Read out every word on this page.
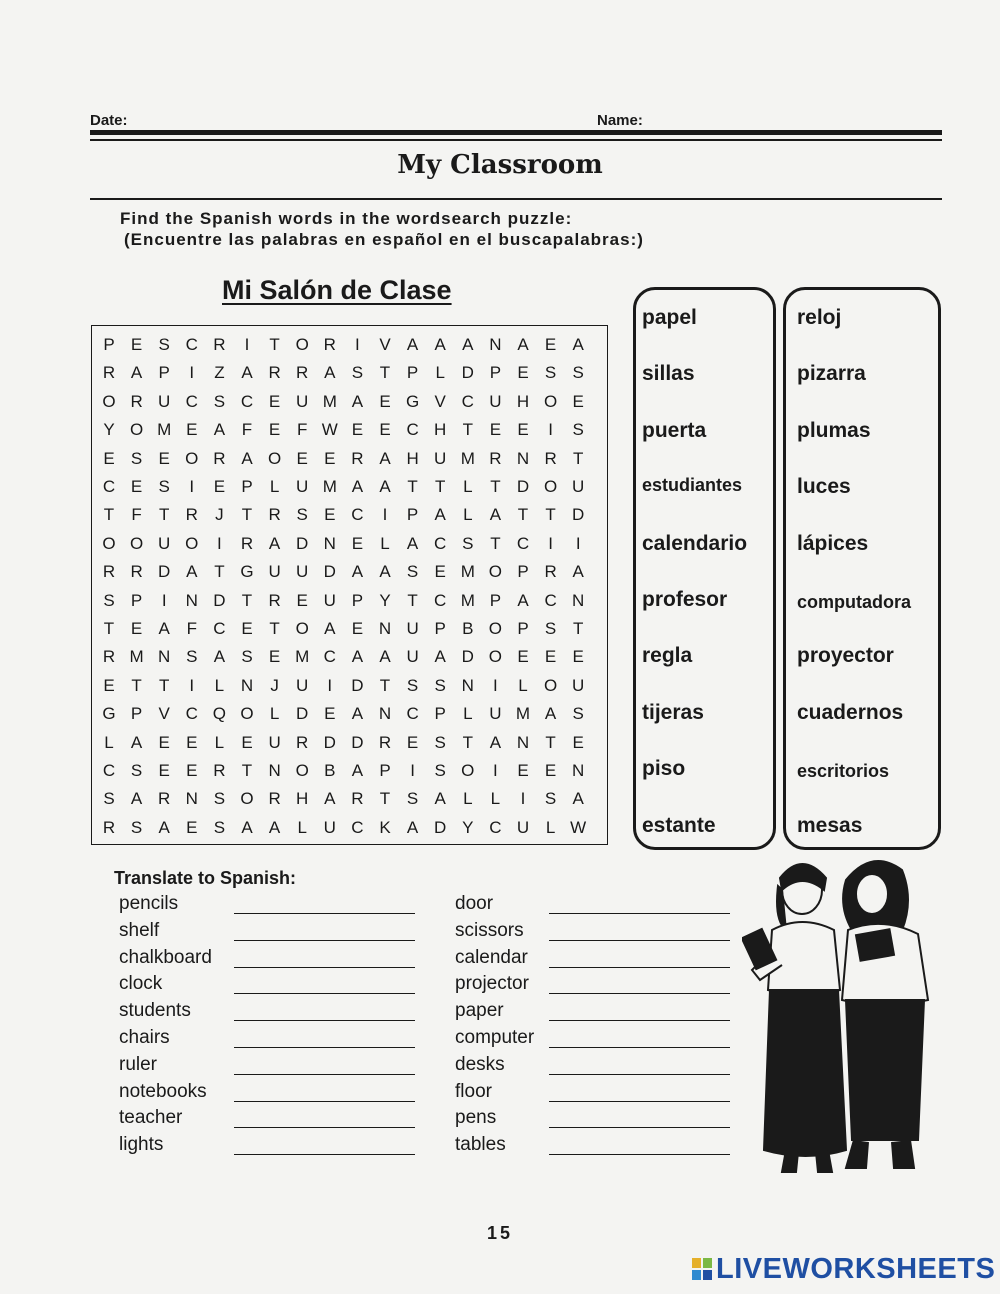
Date:	Name:
My Classroom
Find the Spanish words in the wordsearch puzzle:
(Encuentre las palabras en español en el buscapalabras:)
Mi Salón de Clase
P E S C R	I	T O R	I	V A A A N A E A
R A P	I	Z A R R A S T P	L D P E S S
O R U C S C E U M A E G V C U H O E
Y O M E A F E F W E E C H T E E	I	S
E S E O R A O E E R A H U M R N R T
C E S	I	E P	L U M A A T	T	L	T D O U
T	F	T R	J	T R S E C	I	P A	L	A T	T D
O O U O	I	R A D N E	L	A C S T C	I	I
R R D A T G U U D A A S E M O P R A
S P	I	N D T R E U P Y T C M P A C N
T E A F C E T O A E N U P B O P S T
R M N S A S E M C A A U A D O E E E
E T	T	I	L N	J	U	I	D T S S N	I	L O U
G P V C Q O L D E A N C P	L U M A S
L	A E E	L	E U R D D R E S T A N T E
C S E E R T N O B A P	I	S O	I	E E N
S A R N S O R H A R T S A	L	L	I	S A
R S A E S A A	L U C K A D Y C U L W
papel
sillas
puerta
estudiantes
calendario
profesor
regla
tijeras
piso
estante
reloj
pizarra
plumas
luces
lápices
computadora
proyector
cuadernos
escritorios
mesas
Translate to Spanish:
pencils
shelf
chalkboard
clock
students
chairs
ruler
notebooks
teacher
lights
door
scissors
calendar
projector
paper
computer
desks
floor
pens
tables
15
LIVEWORKSHEETS
